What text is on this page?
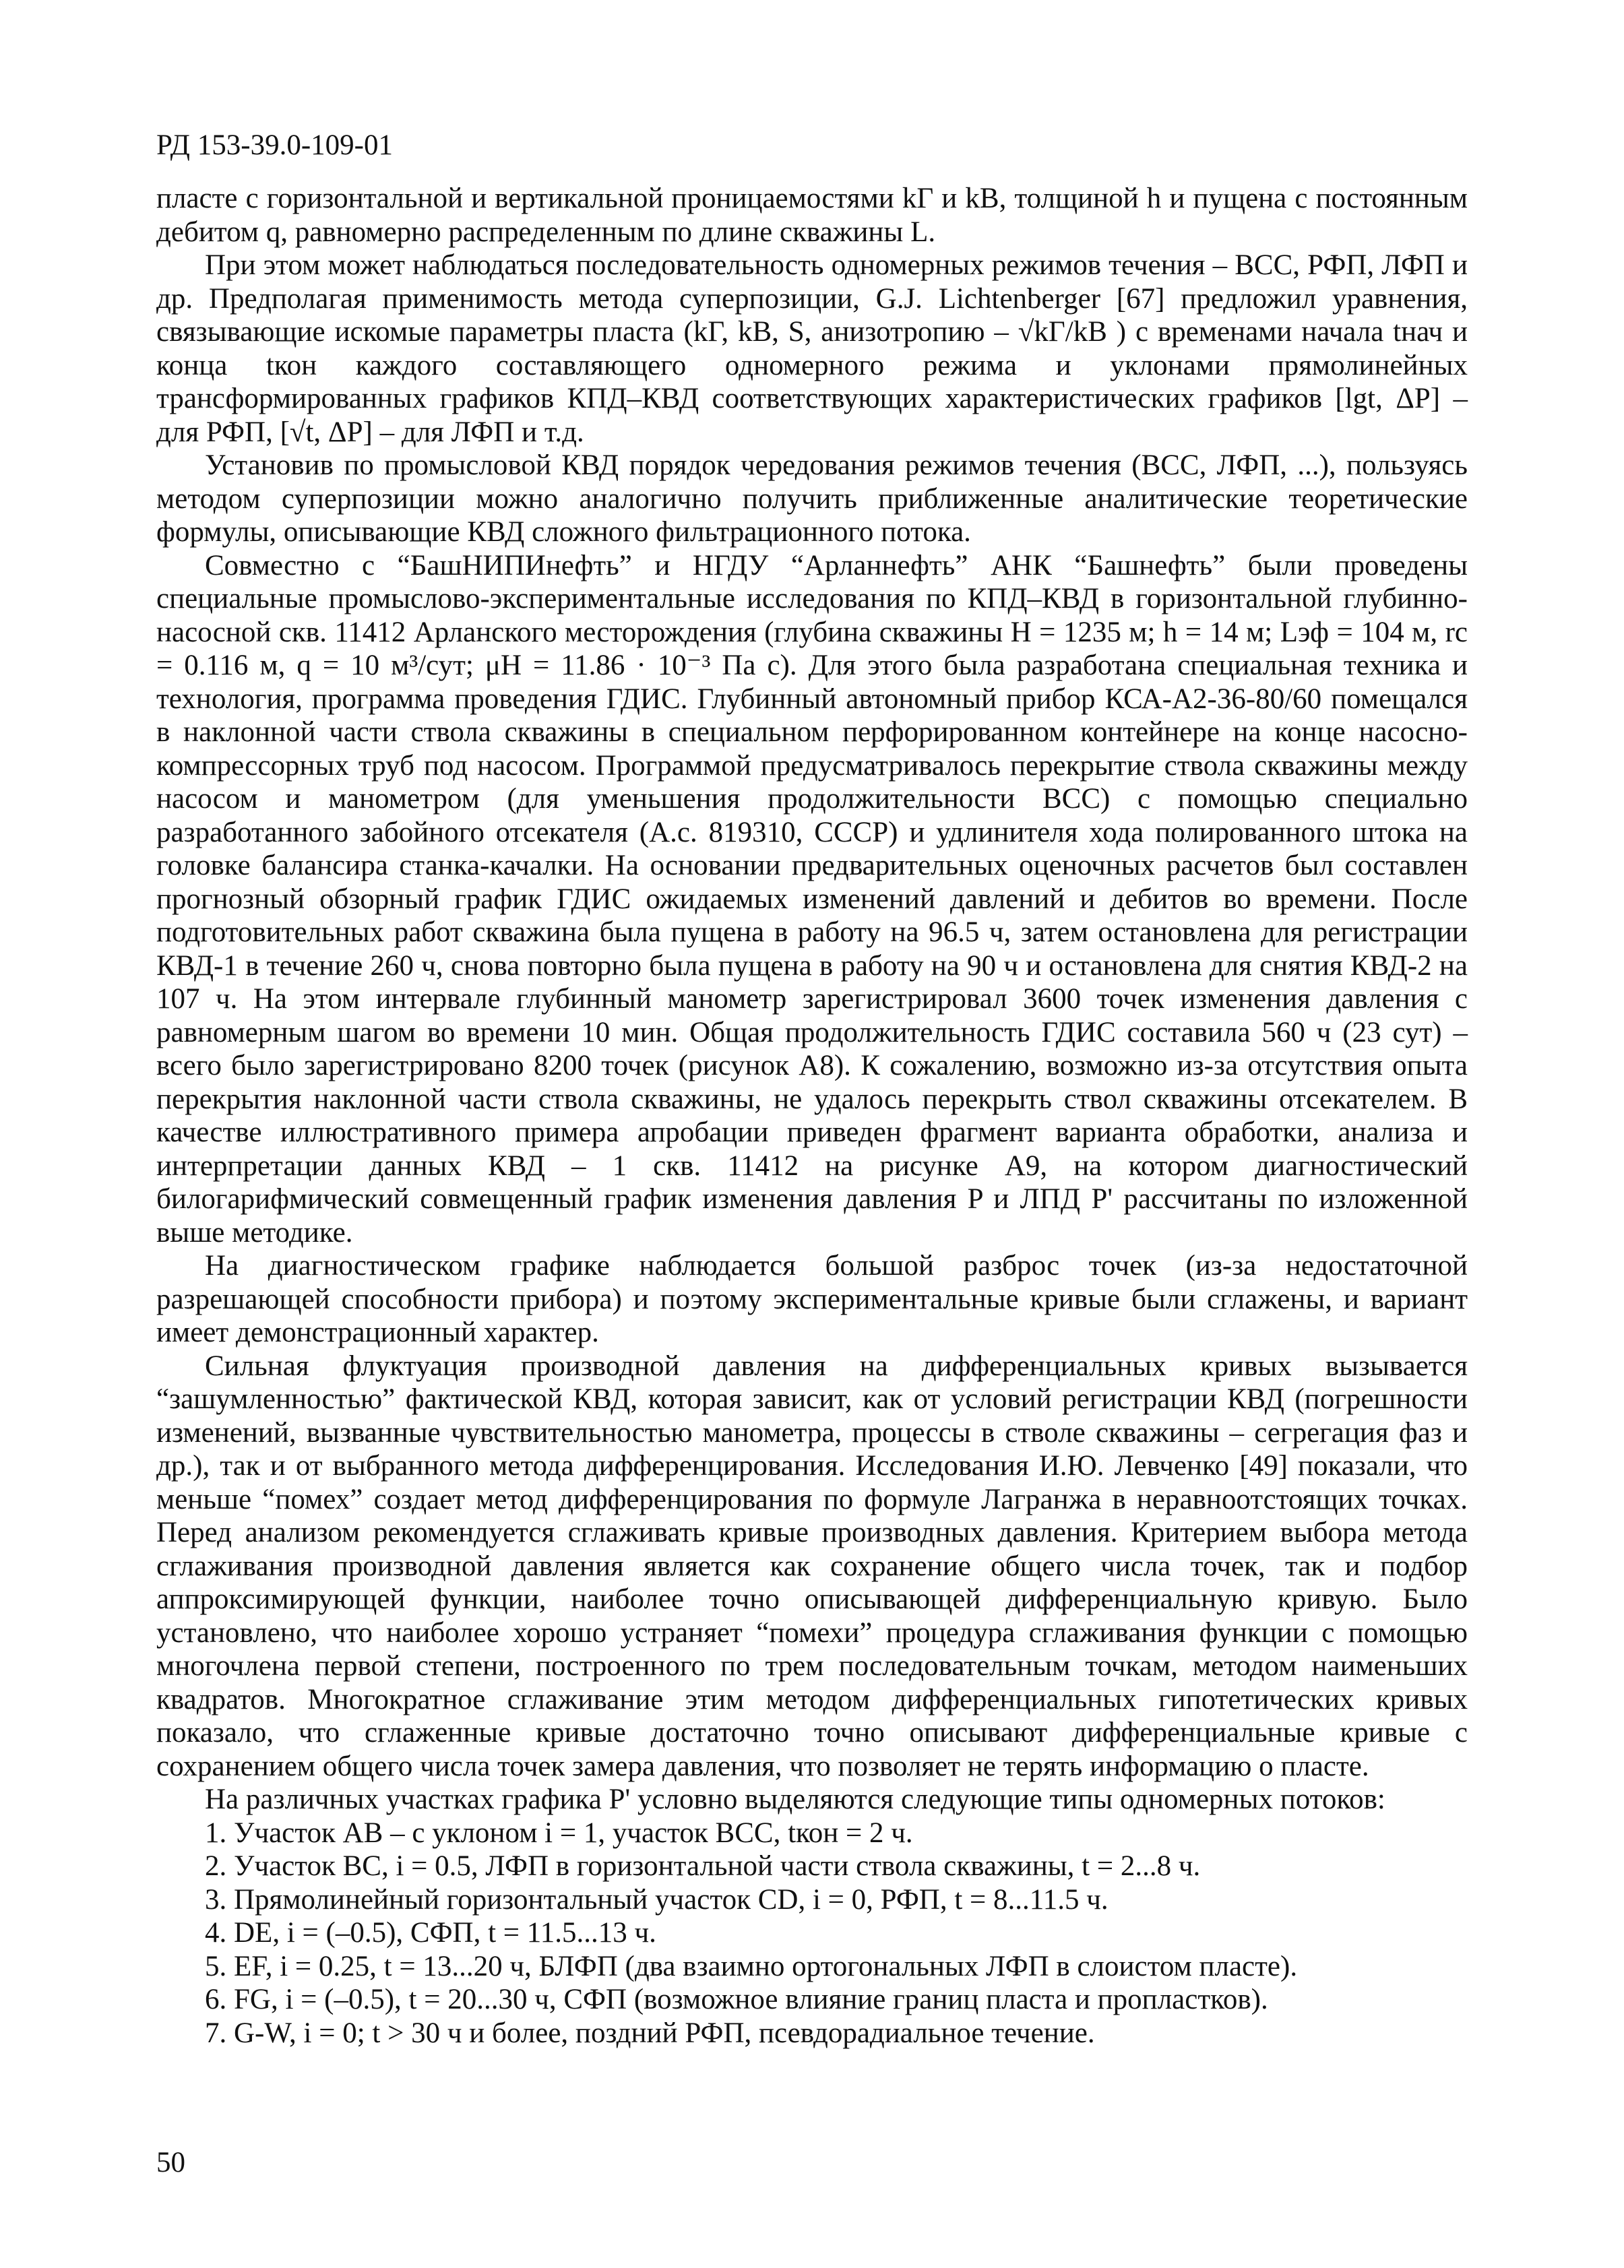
РД 153-39.0-109-01

пласте с горизонтальной и вертикальной проницаемостями kГ и kВ, толщиной h и пущена с постоянным дебитом q, равномерно распределенным по длине скважины L.

При этом может наблюдаться последовательность одномерных режимов течения – ВСС, РФП, ЛФП и др. Предполагая применимость метода суперпозиции, G.J. Lichtenberger [67] предложил уравнения, связывающие искомые параметры пласта (kГ, kВ, S, анизотропию – √kГ/kВ ) с временами начала tнач и конца tкон каждого составляющего одномерного режима и уклонами прямолинейных трансформированных графиков КПД–КВД соответствующих характеристических графиков [lgt, ΔP] – для РФП, [√t, ΔP] – для ЛФП и т.д.

Установив по промысловой КВД порядок чередования режимов течения (ВСС, ЛФП, ...), пользуясь методом суперпозиции можно аналогично получить приближенные аналитические теоретические формулы, описывающие КВД сложного фильтрационного потока.

Совместно с “БашНИПИнефть” и НГДУ “Арланнефть” АНК “Башнефть” были проведены специальные промыслово-экспериментальные исследования по КПД–КВД в горизонтальной глубинно-насосной скв. 11412 Арланского месторождения (глубина скважины H = 1235 м; h = 14 м; Lэф = 104 м, rс = 0.116 м, q = 10 м³/сут; μН = 11.86 · 10⁻³ Па с). Для этого была разработана специальная техника и технология, программа проведения ГДИС. Глубинный автономный прибор КСА-А2-36-80/60 помещался в наклонной части ствола скважины в специальном перфорированном контейнере на конце насосно-компрессорных труб под насосом. Программой предусматривалось перекрытие ствола скважины между насосом и манометром (для уменьшения продолжительности ВСС) с помощью специально разработанного забойного отсекателя (А.с. 819310, СССР) и удлинителя хода полированного штока на головке балансира станка-качалки. На основании предварительных оценочных расчетов был составлен прогнозный обзорный график ГДИС ожидаемых изменений давлений и дебитов во времени. После подготовительных работ скважина была пущена в работу на 96.5 ч, затем остановлена для регистрации КВД-1 в течение 260 ч, снова повторно была пущена в работу на 90 ч и остановлена для снятия КВД-2 на 107 ч. На этом интервале глубинный манометр зарегистрировал 3600 точек изменения давления с равномерным шагом во времени 10 мин. Общая продолжительность ГДИС составила 560 ч (23 сут) – всего было зарегистрировано 8200 точек (рисунок А8). К сожалению, возможно из-за отсутствия опыта перекрытия наклонной части ствола скважины, не удалось перекрыть ствол скважины отсекателем. В качестве иллюстративного примера апробации приведен фрагмент варианта обработки, анализа и интерпретации данных КВД – 1 скв. 11412 на рисунке А9, на котором диагностический билогарифмический совмещенный график изменения давления P и ЛПД P' рассчитаны по изложенной выше методике.

На диагностическом графике наблюдается большой разброс точек (из-за недостаточной разрешающей способности прибора) и поэтому экспериментальные кривые были сглажены, и вариант имеет демонстрационный характер.

Сильная флуктуация производной давления на дифференциальных кривых вызывается “зашумленностью” фактической КВД, которая зависит, как от условий регистрации КВД (погрешности изменений, вызванные чувствительностью манометра, процессы в стволе скважины – сегрегация фаз и др.), так и от выбранного метода дифференцирования. Исследования И.Ю. Левченко [49] показали, что меньше “помех” создает метод дифференцирования по формуле Лагранжа в неравноотстоящих точках. Перед анализом рекомендуется сглаживать кривые производных давления. Критерием выбора метода сглаживания производной давления является как сохранение общего числа точек, так и подбор аппроксимирующей функции, наиболее точно описывающей дифференциальную кривую. Было установлено, что наиболее хорошо устраняет “помехи” процедура сглаживания функции с помощью многочлена первой степени, построенного по трем последовательным точкам, методом наименьших квадратов. Многократное сглаживание этим методом дифференциальных гипотетических кривых показало, что сглаженные кривые достаточно точно описывают дифференциальные кривые с сохранением общего числа точек замера давления, что позволяет не терять информацию о пласте.

На различных участках графика P' условно выделяются следующие типы одномерных потоков:

1. Участок AB – с уклоном i = 1, участок ВСС, tкон = 2 ч.
2. Участок BC, i = 0.5, ЛФП в горизонтальной части ствола скважины, t = 2...8 ч.
3. Прямолинейный горизонтальный участок CD, i = 0, РФП, t = 8...11.5 ч.
4. DE, i = (–0.5), СФП, t = 11.5...13 ч.
5. EF, i = 0.25, t = 13...20 ч, БЛФП (два взаимно ортогональных ЛФП в слоистом пласте).
6. FG, i = (–0.5), t = 20...30 ч, СФП (возможное влияние границ пласта и пропластков).
7. G-W, i = 0; t > 30 ч и более, поздний РФП, псевдорадиальное течение.
50
